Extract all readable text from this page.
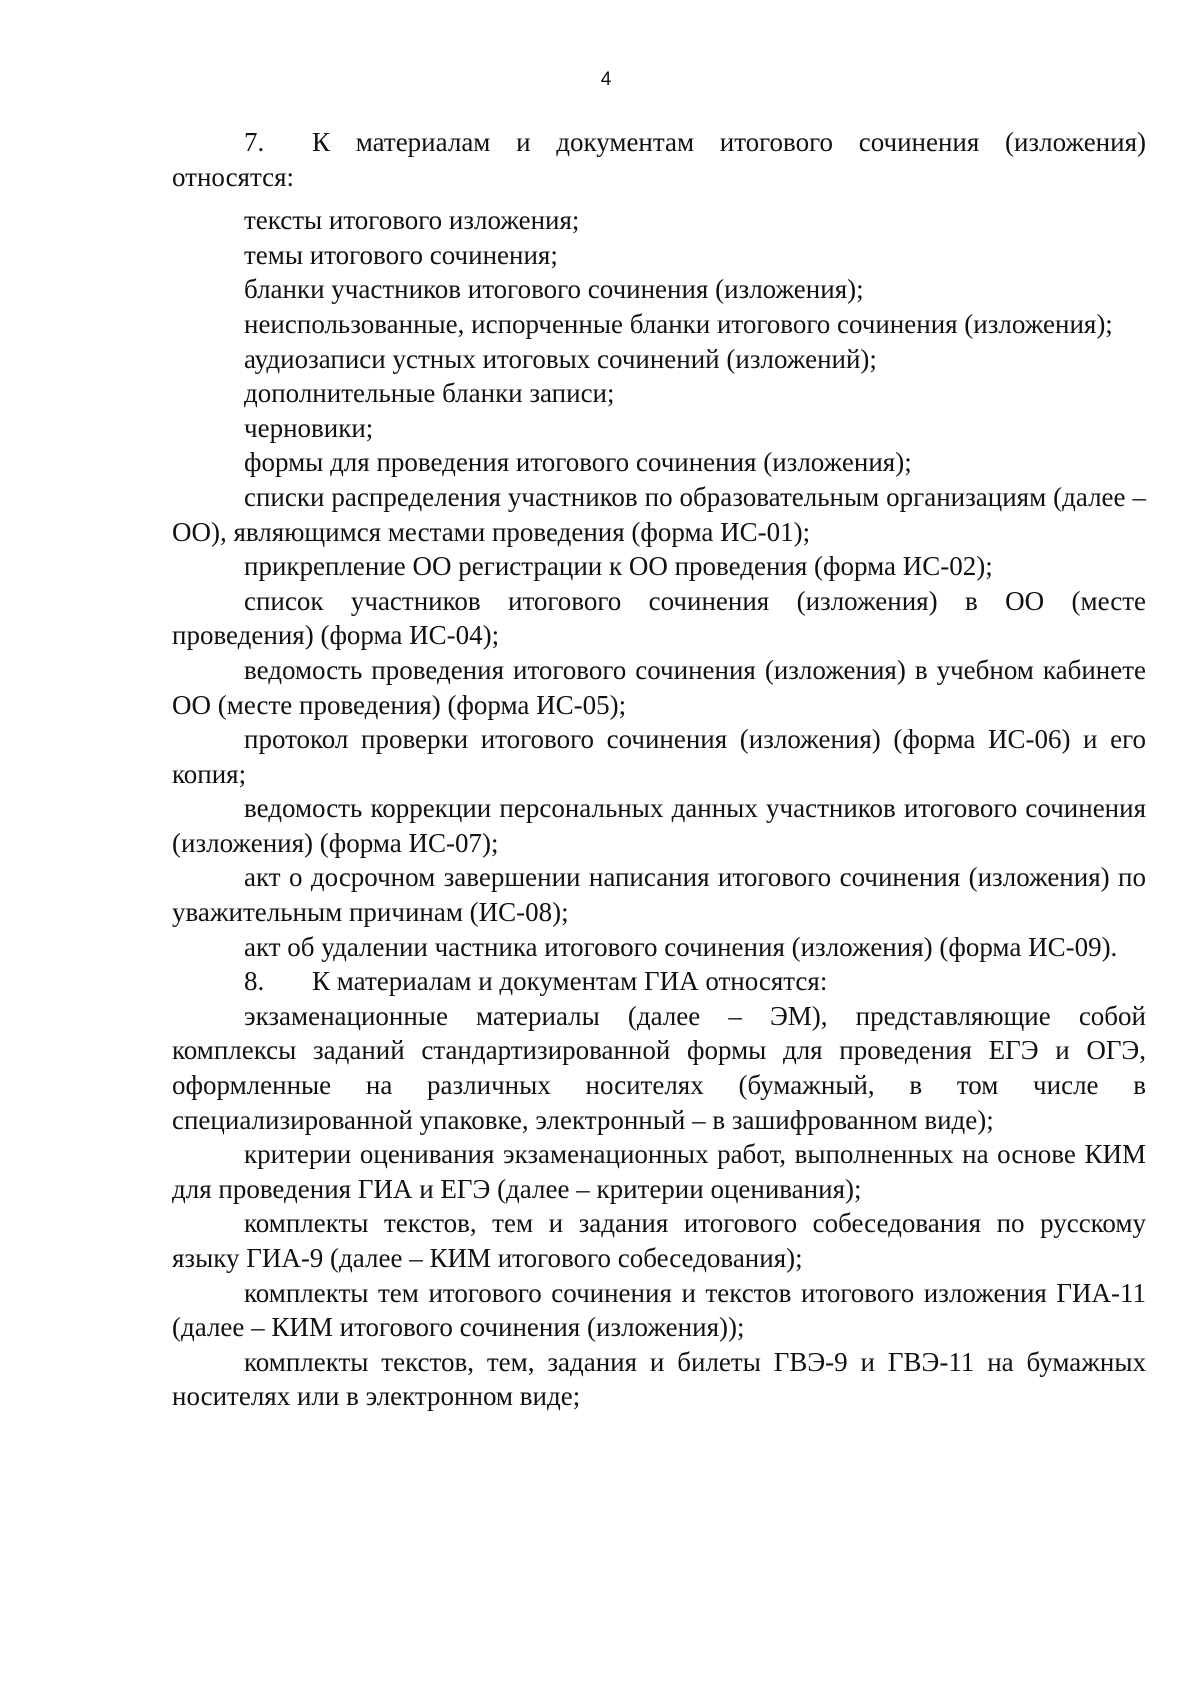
4

7. К материалам и документам итогового сочинения (изложения) относятся:

тексты итогового изложения;

темы итогового сочинения;

бланки участников итогового сочинения (изложения);

неиспользованные, испорченные бланки итогового сочинения (изложения);

аудиозаписи устных итоговых сочинений (изложений);

дополнительные бланки записи;

черновики;

формы для проведения итогового сочинения (изложения);

списки распределения участников по образовательным организациям (далее – ОО), являющимся местами проведения (форма ИС-01);

прикрепление ОО регистрации к ОО проведения (форма ИС-02);

список участников итогового сочинения (изложения) в ОО (месте проведения) (форма ИС-04);

ведомость проведения итогового сочинения (изложения) в учебном кабинете ОО (месте проведения) (форма ИС-05);

протокол проверки итогового сочинения (изложения) (форма ИС-06) и его копия;

ведомость коррекции персональных данных участников итогового сочинения (изложения) (форма ИС-07);

акт о досрочном завершении написания итогового сочинения (изложения) по уважительным причинам (ИС-08);

акт об удалении частника итогового сочинения (изложения) (форма ИС-09).

8. К материалам и документам ГИА относятся:

экзаменационные материалы (далее – ЭМ), представляющие собой комплексы заданий стандартизированной формы для проведения ЕГЭ и ОГЭ, оформленные на различных носителях (бумажный, в том числе в специализированной упаковке, электронный – в зашифрованном виде);

критерии оценивания экзаменационных работ, выполненных на основе КИМ для проведения ГИА и ЕГЭ (далее – критерии оценивания);

комплекты текстов, тем и задания итогового собеседования по русскому языку ГИА-9 (далее – КИМ итогового собеседования);

комплекты тем итогового сочинения и текстов итогового изложения ГИА-11 (далее – КИМ итогового сочинения (изложения));

комплекты текстов, тем, задания и билеты ГВЭ-9 и ГВЭ-11 на бумажных носителях или в электронном виде;
